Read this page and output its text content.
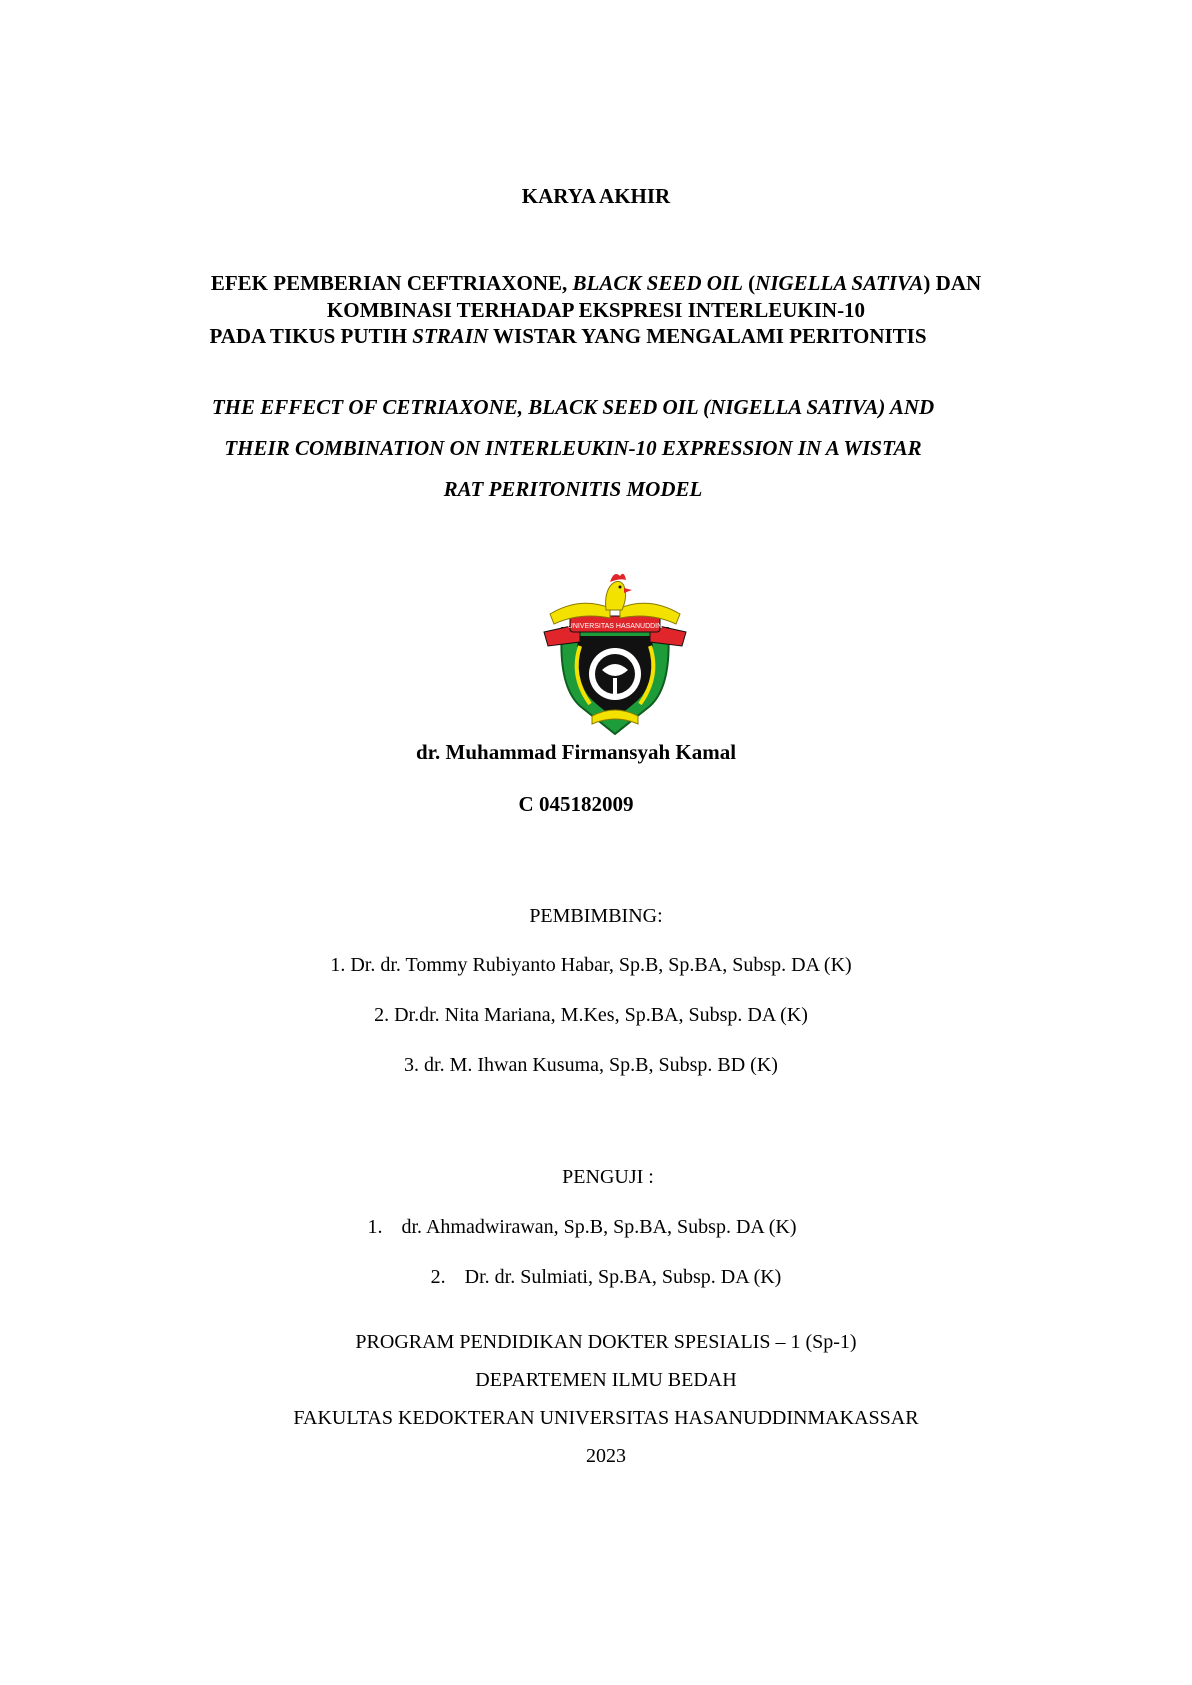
KARYA AKHIR
EFEK PEMBERIAN CEFTRIAXONE, BLACK SEED OIL (NIGELLA SATIVA) DAN
KOMBINASI TERHADAP EKSPRESI INTERLEUKIN-10
PADA TIKUS PUTIH STRAIN WISTAR YANG MENGALAMI PERITONITIS
THE EFFECT OF CETRIAXONE, BLACK SEED OIL (NIGELLA SATIVA) AND
THEIR COMBINATION ON INTERLEUKIN-10 EXPRESSION IN A WISTAR
RAT PERITONITIS MODEL
UNIVERSITAS HASANUDDIN
dr. Muhammad Firmansyah Kamal
C 045182009
PEMBIMBING:
1. Dr. dr. Tommy Rubiyanto Habar, Sp.B, Sp.BA, Subsp. DA (K)
2. Dr.dr. Nita Mariana, M.Kes, Sp.BA, Subsp. DA (K)
3. dr. M. Ihwan Kusuma, Sp.B, Subsp. BD (K)
PENGUJI :
1. dr. Ahmadwirawan, Sp.B, Sp.BA, Subsp. DA (K)
2. Dr. dr. Sulmiati, Sp.BA, Subsp. DA (K)
PROGRAM PENDIDIKAN DOKTER SPESIALIS – 1 (Sp-1)
DEPARTEMEN ILMU BEDAH
FAKULTAS KEDOKTERAN UNIVERSITAS HASANUDDINMAKASSAR
2023
